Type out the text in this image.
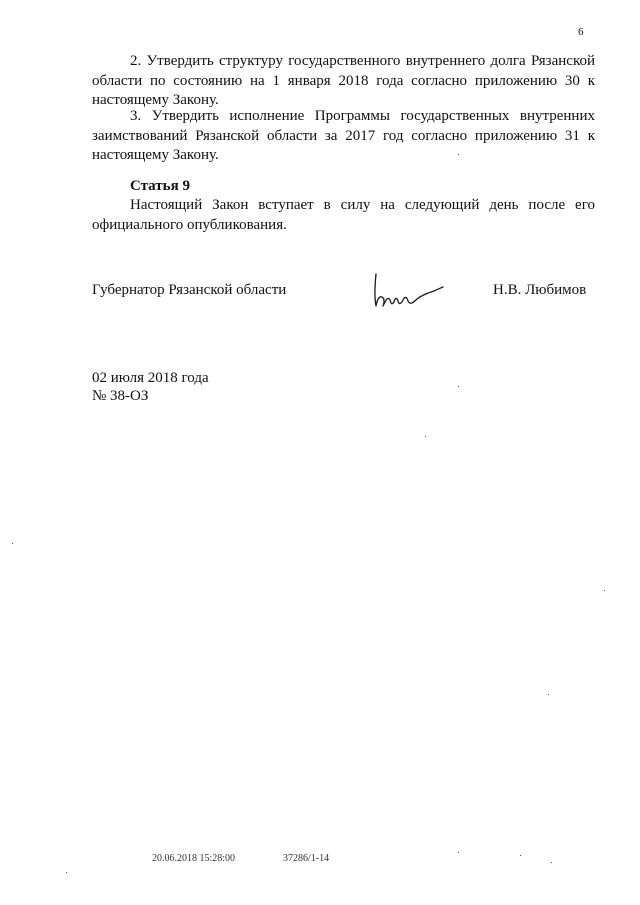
6

2. Утвердить структуру государственного внутреннего долга Рязанской области по состоянию на 1 января 2018 года согласно приложению 30 к настоящему Закону.

3. Утвердить исполнение Программы государственных внутренних заимствований Рязанской области за 2017 год согласно приложению 31 к настоящему Закону.

Статья 9

Настоящий Закон вступает в силу на следующий день после его официального опубликования.

Губернатор Рязанской области	Н.В. Любимов
02 июля 2018 года
№ 38-ОЗ
20.06.2018 15:28:00	37286/1-14
